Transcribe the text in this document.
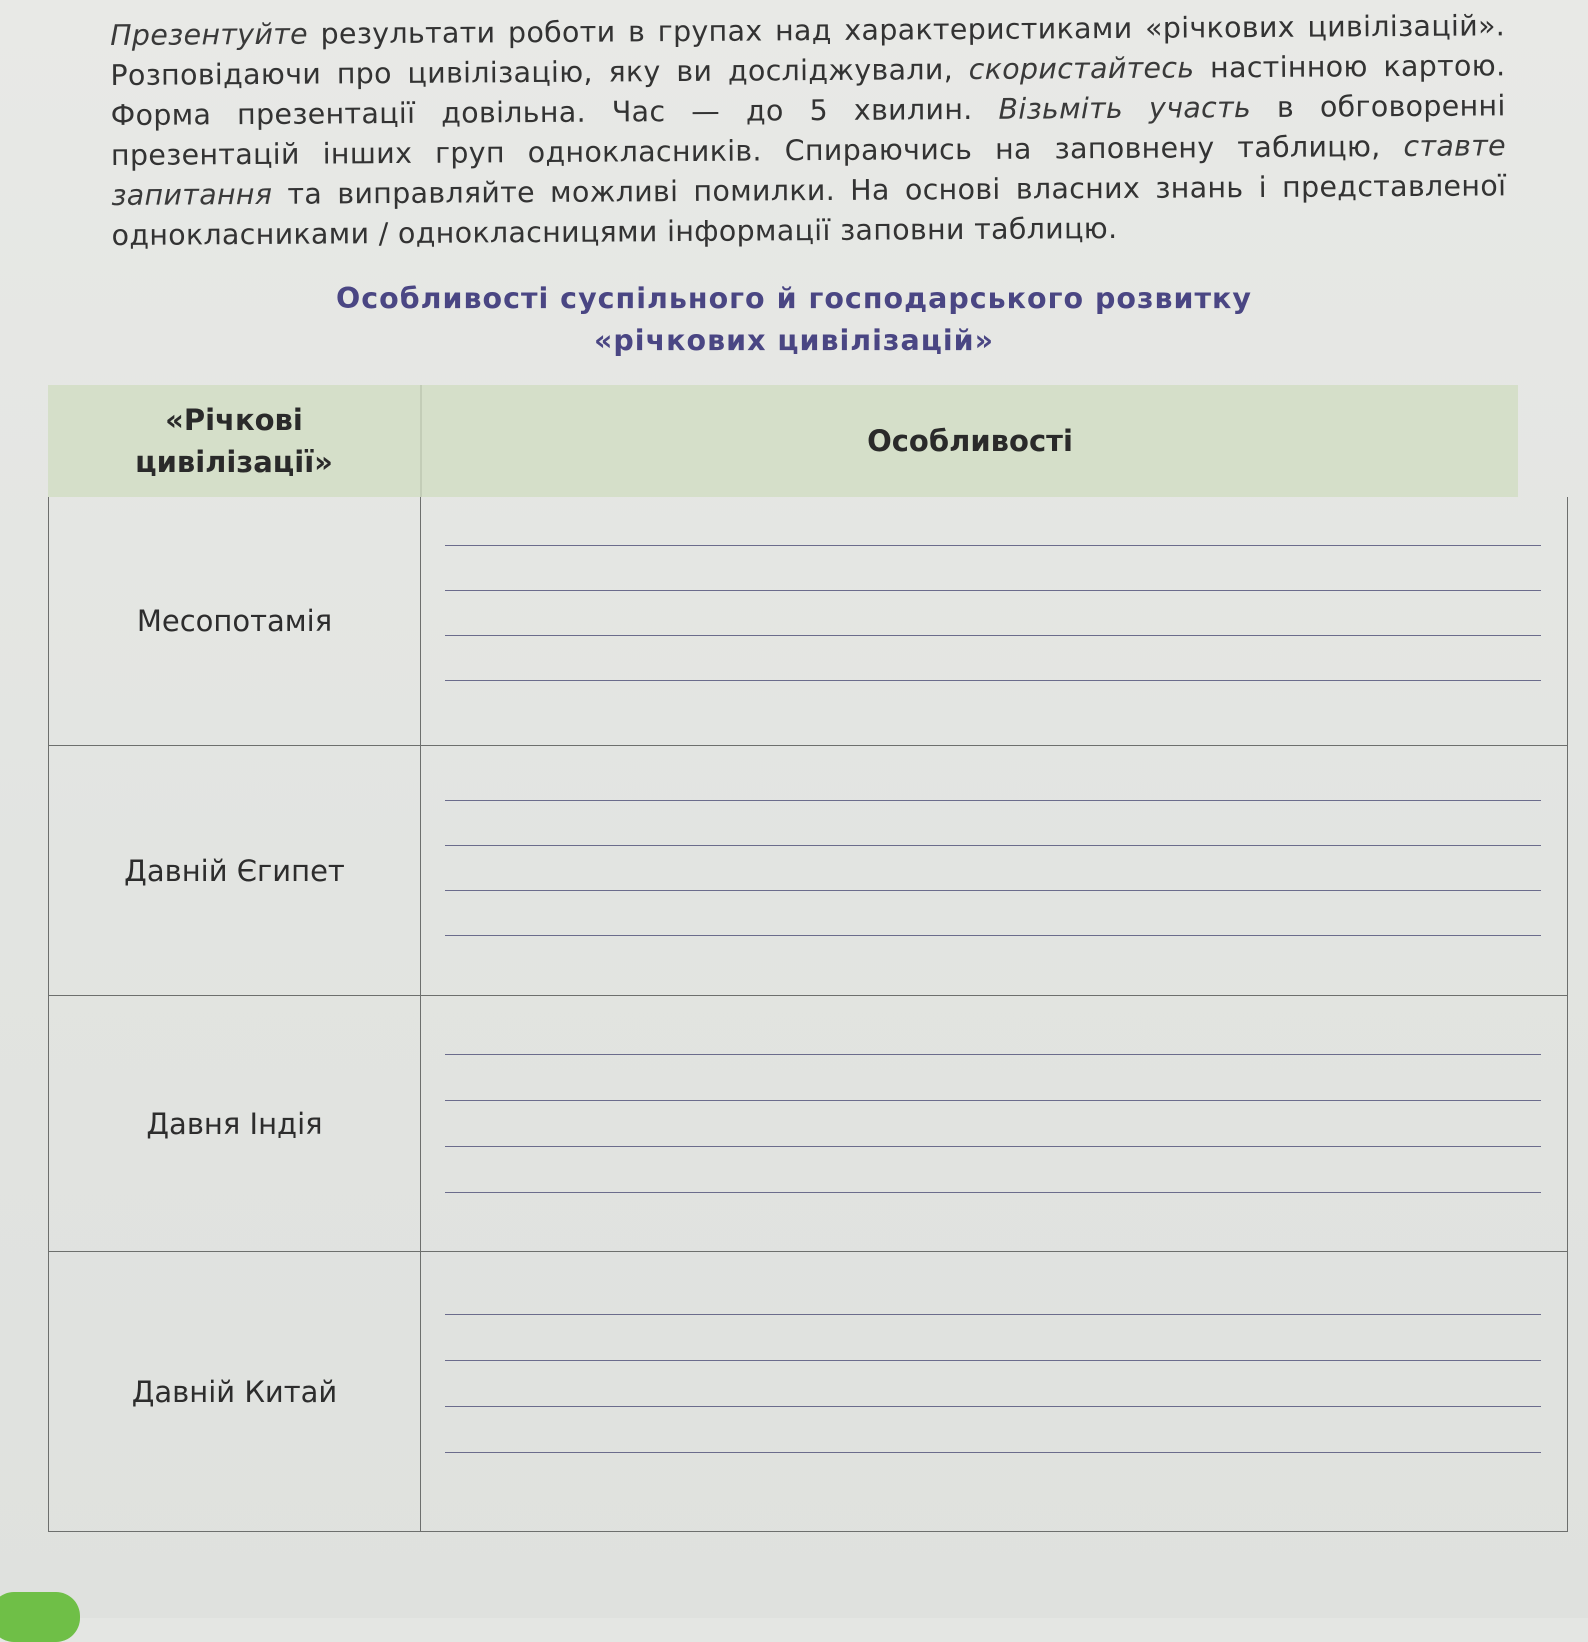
Презентуйте результати роботи в групах над характеристиками «річкових цивілізацій». Розповідаючи про цивілізацію, яку ви досліджували, скористайтесь настінною картою. Форма презентації довільна. Час — до 5 хвилин. Візьміть участь в обговоренні презентацій інших груп однокласників. Спираючись на заповнену таблицю, ставте запитання та виправляйте можливі помилки. На основі власних знань і представленої однокласниками / однокласницями інформації заповни таблицю.

Особливості суспільного й господарського розвитку
«річкових цивілізацій»
«Річкові
цивілізації»
Особливості
Месопотамія
Давній Єгипет
Давня Індія
Давній Китай
